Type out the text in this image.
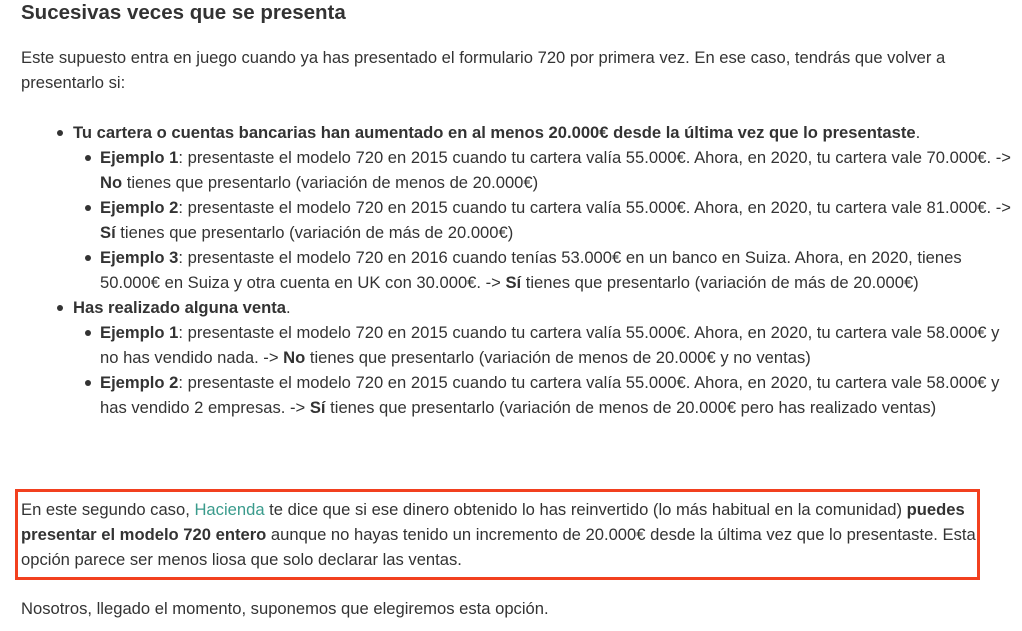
Sucesivas veces que se presenta

Este supuesto entra en juego cuando ya has presentado el formulario 720 por primera vez. En ese caso, tendrás que volver a presentarlo si:

Tu cartera o cuentas bancarias han aumentado en al menos 20.000€ desde la última vez que lo presentaste.
Ejemplo 1: presentaste el modelo 720 en 2015 cuando tu cartera valía 55.000€. Ahora, en 2020, tu cartera vale 70.000€. -> No tienes que presentarlo (variación de menos de 20.000€)
Ejemplo 2: presentaste el modelo 720 en 2015 cuando tu cartera valía 55.000€. Ahora, en 2020, tu cartera vale 81.000€. -> Sí tienes que presentarlo (variación de más de 20.000€)
Ejemplo 3: presentaste el modelo 720 en 2016 cuando tenías 53.000€ en un banco en Suiza. Ahora, en 2020, tienes 50.000€ en Suiza y otra cuenta en UK con 30.000€. -> Sí tienes que presentarlo (variación de más de 20.000€)
Has realizado alguna venta.
Ejemplo 1: presentaste el modelo 720 en 2015 cuando tu cartera valía 55.000€. Ahora, en 2020, tu cartera vale 58.000€ y no has vendido nada. -> No tienes que presentarlo (variación de menos de 20.000€ y no ventas)
Ejemplo 2: presentaste el modelo 720 en 2015 cuando tu cartera valía 55.000€. Ahora, en 2020, tu cartera vale 58.000€ y has vendido 2 empresas. -> Sí tienes que presentarlo (variación de menos de 20.000€ pero has realizado ventas)

En este segundo caso, Hacienda te dice que si ese dinero obtenido lo has reinvertido (lo más habitual en la comunidad) puedes presentar el modelo 720 entero aunque no hayas tenido un incremento de 20.000€ desde la última vez que lo presentaste. Esta opción parece ser menos liosa que solo declarar las ventas.

Nosotros, llegado el momento, suponemos que elegiremos esta opción.
